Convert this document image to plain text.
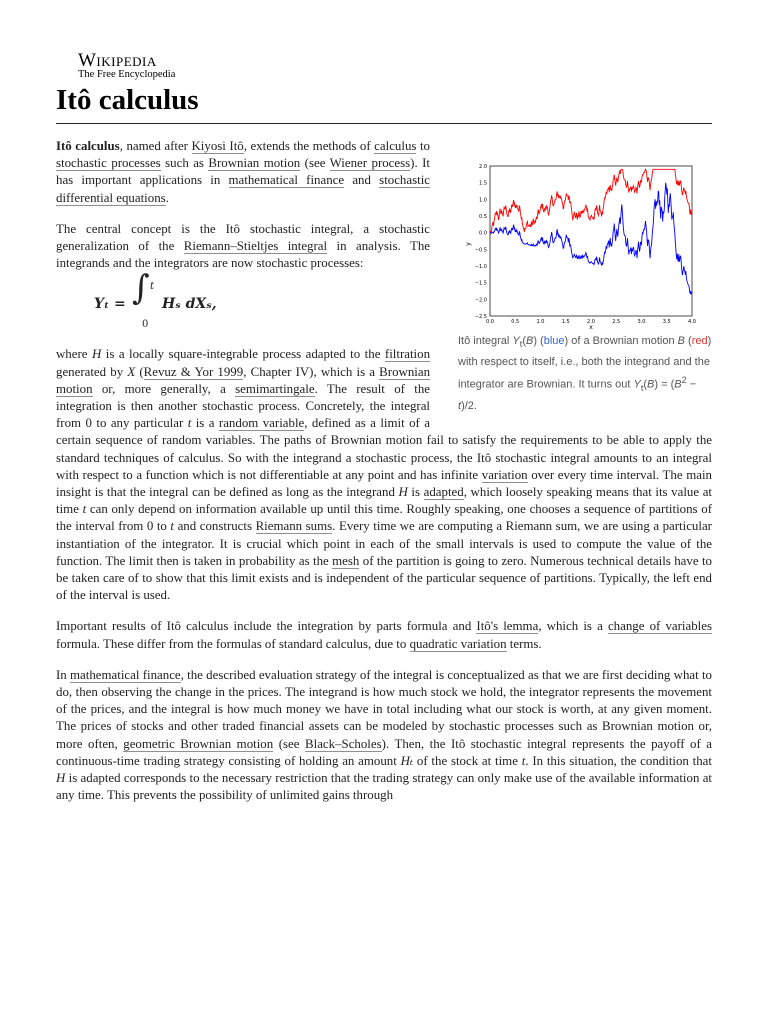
Wikipedia
The Free Encyclopedia
Itô calculus
0.0	0.5	1.0	1.5	2.0	2.5	3.0	3.5	4.0
2.0
1.5
1.0
0.5
0.0
−0.5
−1.0
−1.5
−2.0
−2.5
x
y
Itô integral $Y_t(B)$ (blue) of a Brownian motion B (red) with respect to itself, i.e., both the integrand and the integrator are Brownian. It turns out $Y_t(B) = (B^2 - t)/2$.

Itô calculus, named after Kiyosi Itô, extends the methods of calculus to stochastic processes such as Brownian motion (see Wiener process). It has important applications in mathematical finance and stochastic differential equations.

The central concept is the Itô stochastic integral, a stochastic generalization of the Riemann–Stieltjes integral in analysis. The integrands and the integrators are now stochastic processes:

Yₜ = ∫ t
0
Hₛ dXₛ,

where H is a locally square-integrable process adapted to the filtration generated by X (Revuz & Yor 1999, Chapter IV), which is a Brownian motion or, more generally, a semimartingale. The result of the integration is then another stochastic process. Concretely, the integral from 0 to any particular t is a random variable, defined as a limit of a certain sequence of random variables. The paths of Brownian motion fail to satisfy the requirements to be able to apply the standard techniques of calculus. So with the integrand a stochastic process, the Itô stochastic integral amounts to an integral with respect to a function which is not differentiable at any point and has infinite variation over every time interval. The main insight is that the integral can be defined as long as the integrand H is adapted, which loosely speaking means that its value at time t can only depend on information available up until this time. Roughly speaking, one chooses a sequence of partitions of the interval from 0 to t and constructs Riemann sums. Every time we are computing a Riemann sum, we are using a particular instantiation of the integrator. It is crucial which point in each of the small intervals is used to compute the value of the function. The limit then is taken in probability as the mesh of the partition is going to zero. Numerous technical details have to be taken care of to show that this limit exists and is independent of the particular sequence of partitions. Typically, the left end of the interval is used.

Important results of Itô calculus include the integration by parts formula and Itô's lemma, which is a change of variables formula. These differ from the formulas of standard calculus, due to quadratic variation terms.

In mathematical finance, the described evaluation strategy of the integral is conceptualized as that we are first deciding what to do, then observing the change in the prices. The integrand is how much stock we hold, the integrator represents the movement of the prices, and the integral is how much money we have in total including what our stock is worth, at any given moment. The prices of stocks and other traded financial assets can be modeled by stochastic processes such as Brownian motion or, more often, geometric Brownian motion (see Black–Scholes). Then, the Itô stochastic integral represents the payoff of a continuous-time trading strategy consisting of holding an amount Hₜ of the stock at time t. In this situation, the condition that H is adapted corresponds to the necessary restriction that the trading strategy can only make use of the available information at any time. This prevents the possibility of unlimited gains through
